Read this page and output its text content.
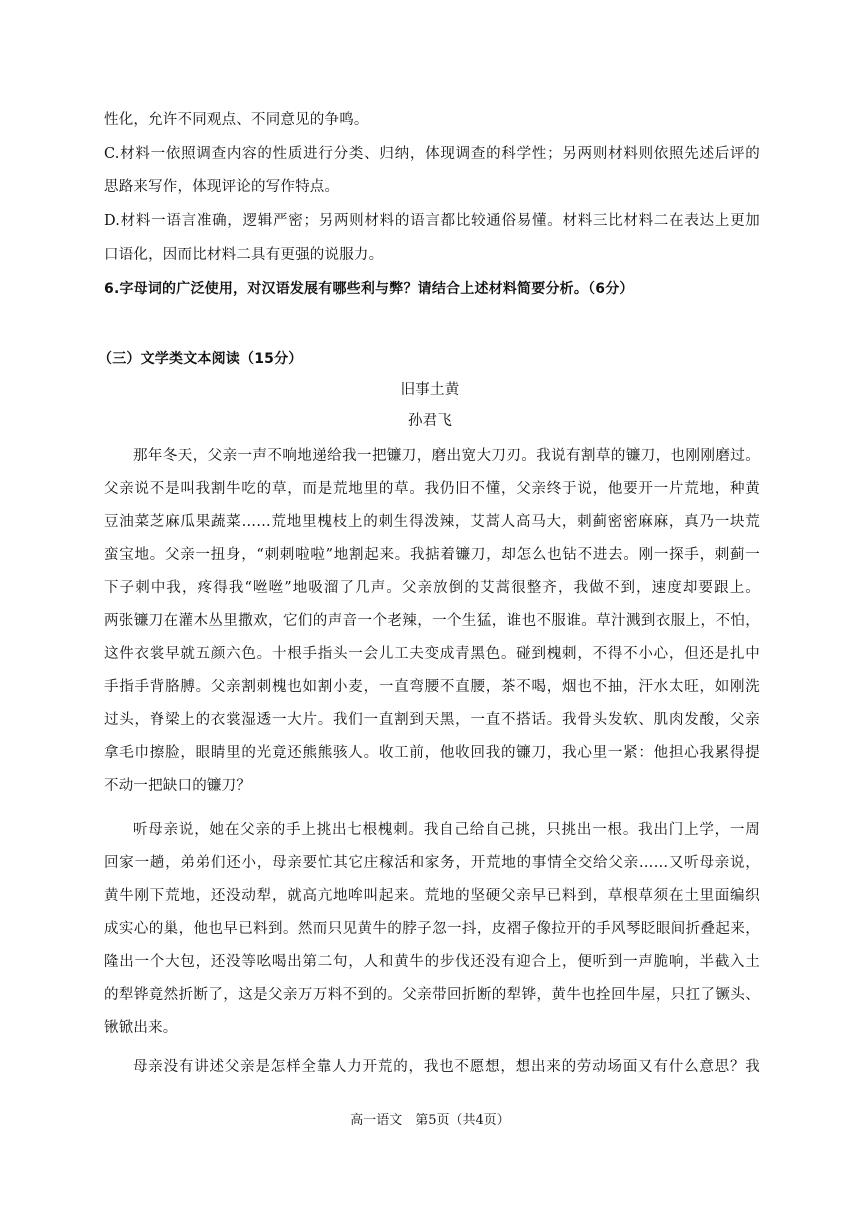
性化，允许不同观点、不同意见的争鸣。
C.材料一依照调查内容的性质进行分类、归纳，体现调查的科学性；另两则材料则依照先述后评的
思路来写作，体现评论的写作特点。
D.材料一语言准确，逻辑严密；另两则材料的语言都比较通俗易懂。材料三比材料二在表达上更加
口语化，因而比材料二具有更强的说服力。
6.字母词的广泛使用，对汉语发展有哪些利与弊？请结合上述材料简要分析。（6分）
（三）文学类文本阅读（15分）
旧事土黄
孙君飞
那年冬天，父亲一声不响地递给我一把镰刀，磨出宽大刀刃。我说有割草的镰刀，也刚刚磨过。
父亲说不是叫我割牛吃的草，而是荒地里的草。我仍旧不懂，父亲终于说，他要开一片荒地，种黄
豆油菜芝麻瓜果蔬菜……荒地里槐枝上的刺生得泼辣，艾蒿人高马大，刺蓟密密麻麻，真乃一块荒
蛮宝地。父亲一扭身，“刺刺啦啦”地割起来。我掂着镰刀，却怎么也钻不进去。刚一探手，刺蓟一
下子刺中我，疼得我“咝咝”地吸溜了几声。父亲放倒的艾蒿很整齐，我做不到，速度却要跟上。
两张镰刀在灌木丛里撒欢，它们的声音一个老辣，一个生猛，谁也不服谁。草汁溅到衣服上，不怕，
这件衣裳早就五颜六色。十根手指头一会儿工夫变成青黑色。碰到槐刺，不得不小心，但还是扎中
手指手背胳膊。父亲割刺槐也如割小麦，一直弯腰不直腰，茶不喝，烟也不抽，汗水太旺，如刚洗
过头，脊梁上的衣裳湿透一大片。我们一直割到天黑，一直不搭话。我骨头发软、肌肉发酸，父亲
拿毛巾擦脸，眼睛里的光竟还熊熊骇人。收工前，他收回我的镰刀，我心里一紧：他担心我累得提
不动一把缺口的镰刀？
听母亲说，她在父亲的手上挑出七根槐刺。我自己给自己挑，只挑出一根。我出门上学，一周
回家一趟，弟弟们还小，母亲要忙其它庄稼活和家务，开荒地的事情全交给父亲……又听母亲说，
黄牛刚下荒地，还没动犁，就高亢地哞叫起来。荒地的坚硬父亲早已料到，草根草须在土里面编织
成实心的巢，他也早已料到。然而只见黄牛的脖子忽一抖，皮褶子像拉开的手风琴眨眼间折叠起来，
隆出一个大包，还没等吆喝出第二句，人和黄牛的步伐还没有迎合上，便听到一声脆响，半截入土
的犁铧竟然折断了，这是父亲万万料不到的。父亲带回折断的犁铧，黄牛也拴回牛屋，只扛了镢头、
锹锨出来。
母亲没有讲述父亲是怎样全靠人力开荒的，我也不愿想，想出来的劳动场面又有什么意思？我
高一语文　第5页（共4页）
